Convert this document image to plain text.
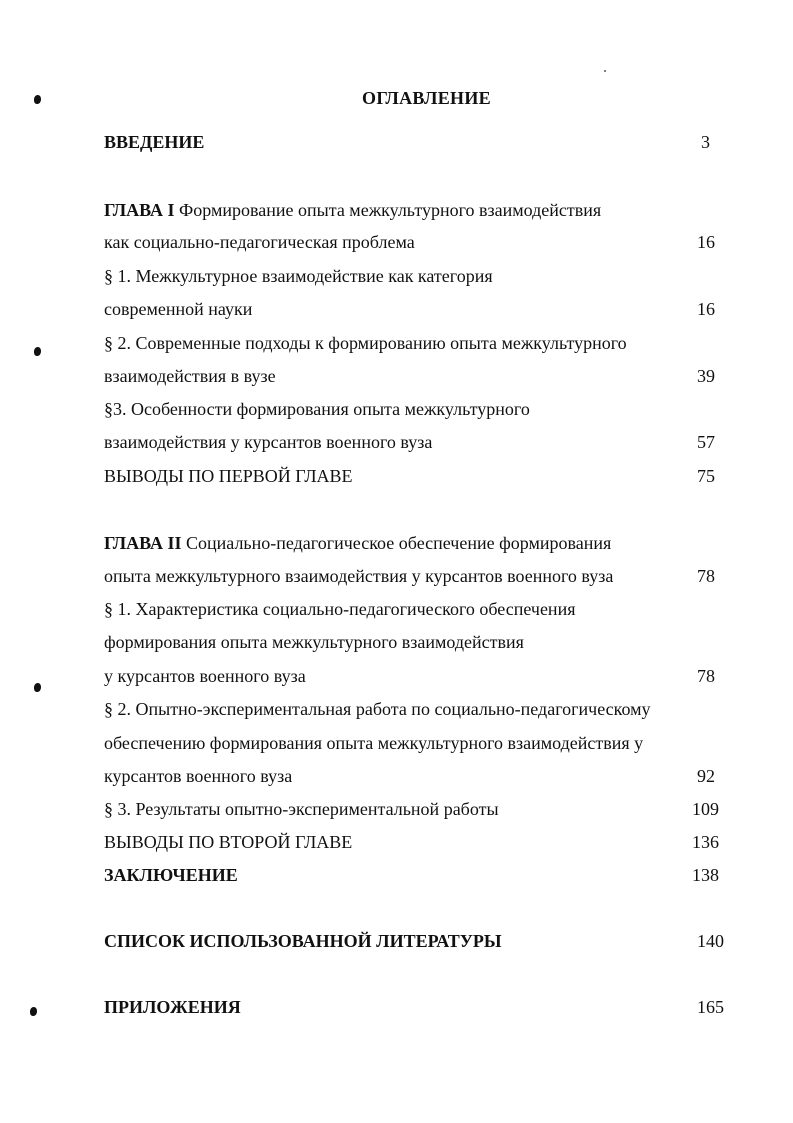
ОГЛАВЛЕНИЕ
ВВЕДЕНИЕ	3
ГЛАВА I Формирование опыта межкультурного взаимодействия
как социально-педагогическая проблема	16
§ 1. Межкультурное взаимодействие как категория
современной науки	16
§ 2. Современные подходы к формированию опыта межкультурного
взаимодействия в вузе	39
§3. Особенности формирования опыта межкультурного
взаимодействия у курсантов военного вуза	57
ВЫВОДЫ ПО ПЕРВОЙ ГЛАВЕ	75
ГЛАВА II Социально-педагогическое обеспечение формирования
опыта межкультурного взаимодействия у курсантов военного вуза	78
§ 1. Характеристика социально-педагогического обеспечения
формирования опыта межкультурного взаимодействия
у курсантов военного вуза	78
§ 2. Опытно-экспериментальная работа по социально-педагогическому
обеспечению формирования опыта межкультурного взаимодействия у
курсантов военного вуза	92
§ 3. Результаты опытно-экспериментальной работы	109
ВЫВОДЫ ПО ВТОРОЙ ГЛАВЕ	136
ЗАКЛЮЧЕНИЕ	138
СПИСОК ИСПОЛЬЗОВАННОЙ ЛИТЕРАТУРЫ	140
ПРИЛОЖЕНИЯ	165
